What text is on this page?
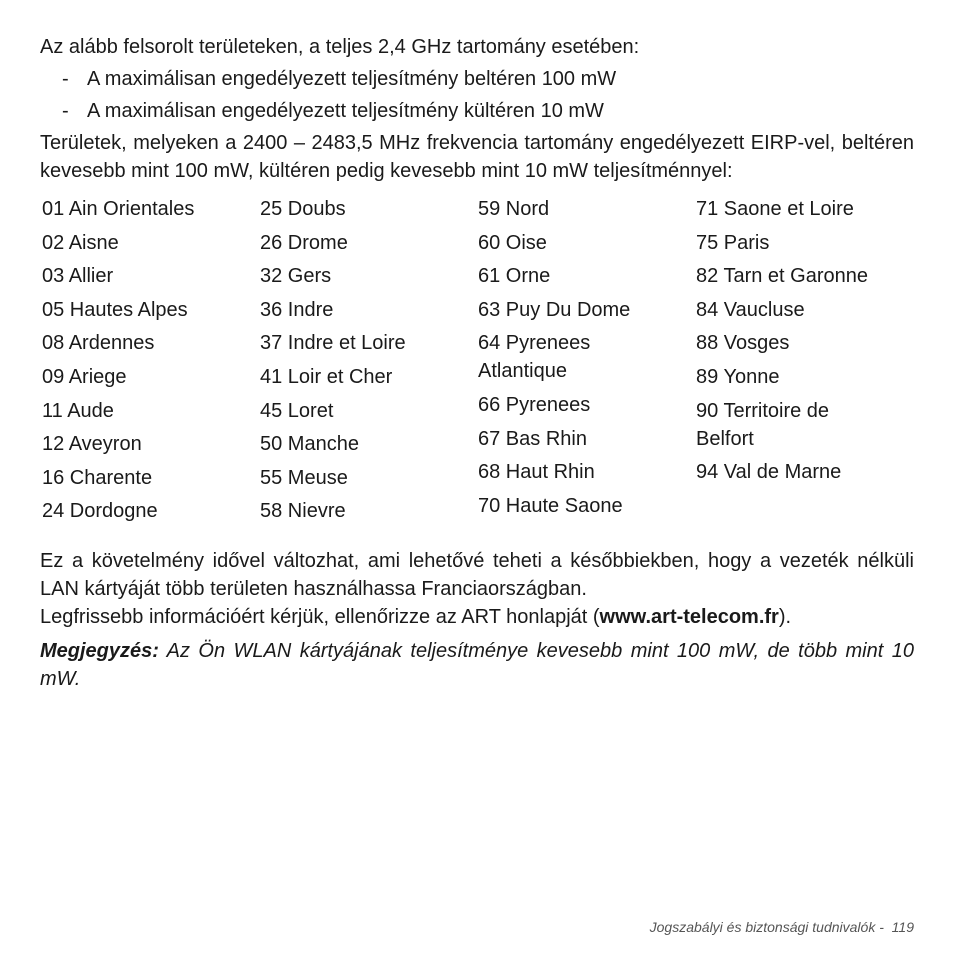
Az alább felsorolt területeken, a teljes 2,4 GHz tartomány esetében:

- A maximálisan engedélyezett teljesítmény beltéren 100 mW
- A maximálisan engedélyezett teljesítmény kültéren 10 mW

Területek, melyeken a 2400 – 2483,5 MHz frekvencia tartomány engedélyezett EIRP-vel, beltéren kevesebb mint 100 mW, kültéren pedig kevesebb mint 10 mW teljesítménnyel:

01 Ain Orientales
02 Aisne
03 Allier
05 Hautes Alpes
08 Ardennes
09 Ariege
11 Aude
12 Aveyron
16 Charente
24 Dordogne
25 Doubs
26 Drome
32 Gers
36 Indre
37 Indre et Loire
41 Loir et Cher
45 Loret
50 Manche
55 Meuse
58 Nievre
59 Nord
60 Oise
61 Orne
63 Puy Du Dome
64 Pyrenees Atlantique
66 Pyrenees
67 Bas Rhin
68 Haut Rhin
70 Haute Saone
71 Saone et Loire
75 Paris
82 Tarn et Garonne
84 Vaucluse
88 Vosges
89 Yonne
90 Territoire de Belfort
94 Val de Marne

Ez a követelmény idővel változhat, ami lehetővé teheti a későbbiekben, hogy a vezeték nélküli LAN kártyáját több területen használhassa Franciaországban.

Legfrissebb információért kérjük, ellenőrizze az ART honlapját (www.art-telecom.fr).

Megjegyzés: Az Ön WLAN kártyájának teljesítménye kevesebb mint 100 mW, de több mint 10 mW.

Jogszabályi és biztonsági tudnivalók - 119
